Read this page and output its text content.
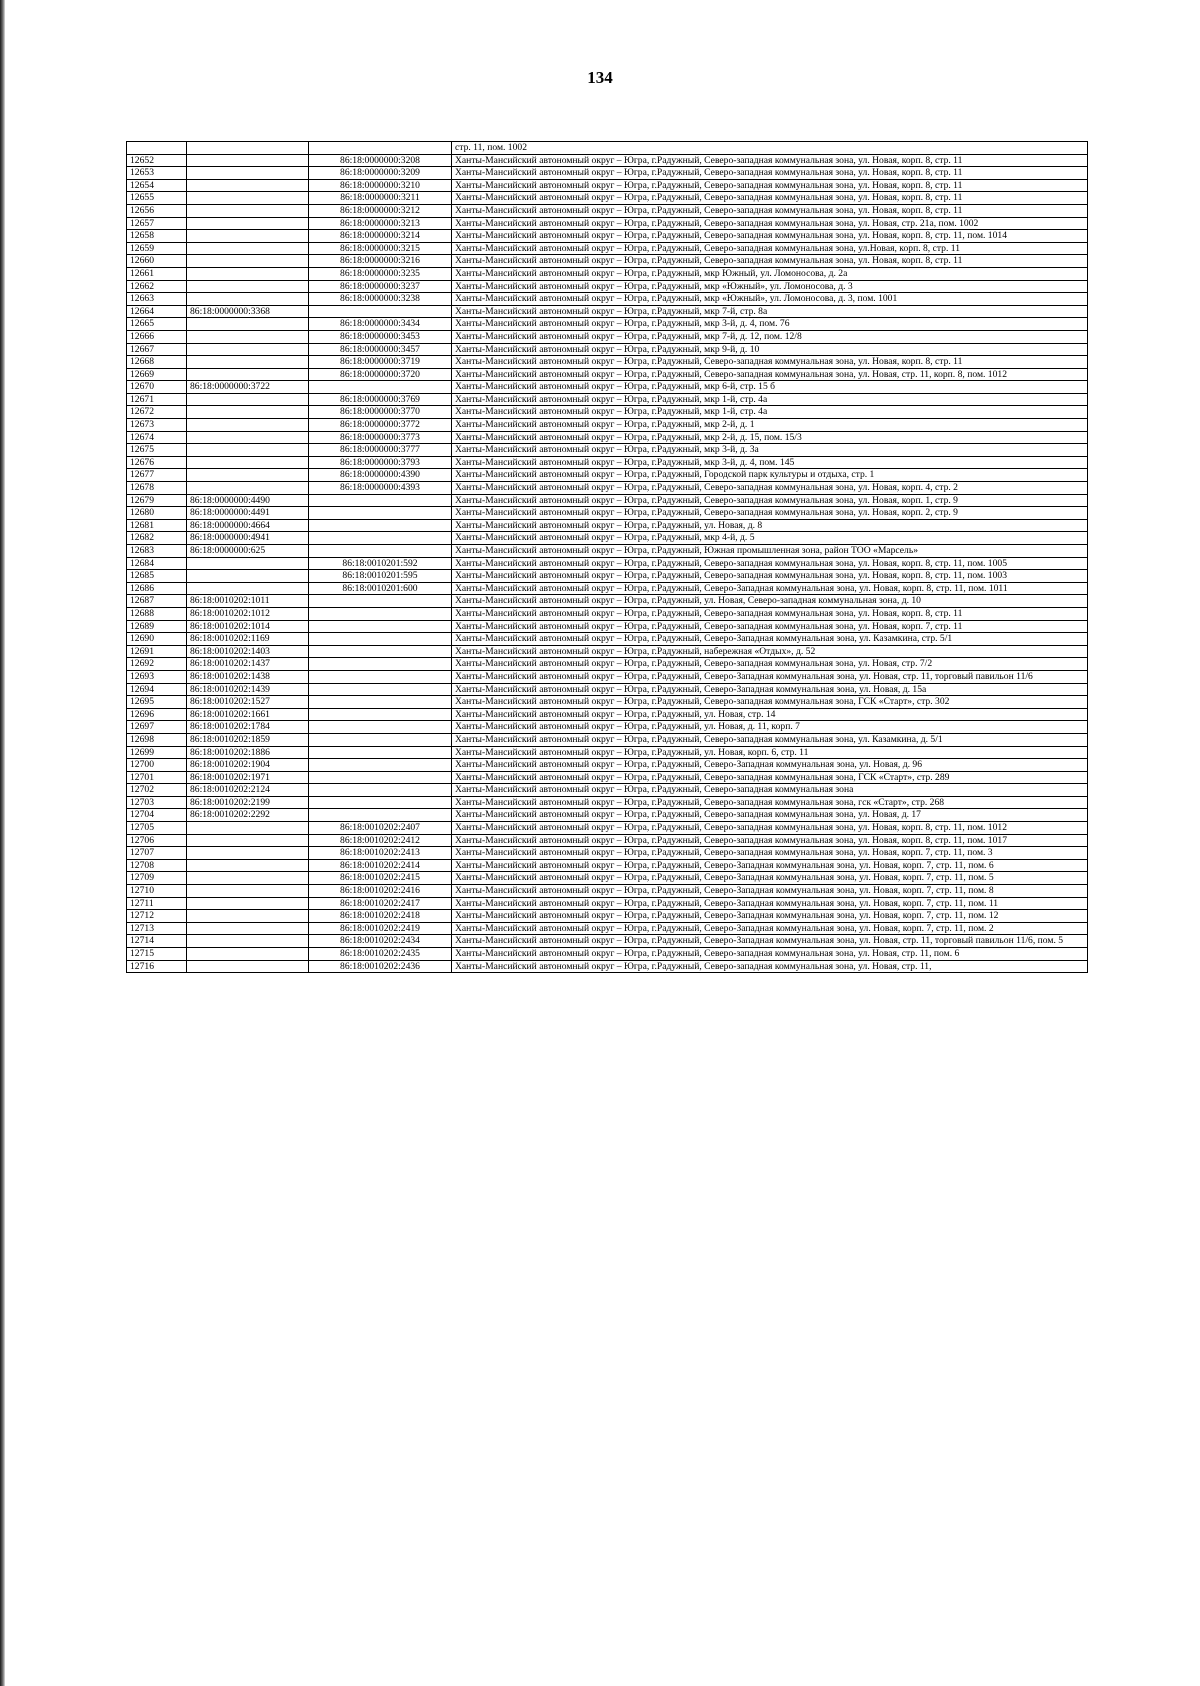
134
			стр. 11, пом. 1002
12652		86:18:0000000:3208	Ханты-Мансийский автономный округ – Югра, г.Радужный, Северо-западная коммунальная зона, ул. Новая, корп. 8, стр. 11
12653		86:18:0000000:3209	Ханты-Мансийский автономный округ – Югра, г.Радужный, Северо-западная коммунальная зона, ул. Новая, корп. 8, стр. 11
12654		86:18:0000000:3210	Ханты-Мансийский автономный округ – Югра, г.Радужный, Северо-западная коммунальная зона, ул. Новая, корп. 8, стр. 11
12655		86:18:0000000:3211	Ханты-Мансийский автономный округ – Югра, г.Радужный, Северо-западная коммунальная зона, ул. Новая, корп. 8, стр. 11
12656		86:18:0000000:3212	Ханты-Мансийский автономный округ – Югра, г.Радужный, Северо-западная коммунальная зона, ул. Новая, корп. 8, стр. 11
12657		86:18:0000000:3213	Ханты-Мансийский автономный округ – Югра, г.Радужный, Северо-западная коммунальная зона, ул. Новая, стр. 21а, пом. 1002
12658		86:18:0000000:3214	Ханты-Мансийский автономный округ – Югра, г.Радужный, Северо-западная коммунальная зона, ул. Новая, корп. 8, стр. 11, пом. 1014
12659		86:18:0000000:3215	Ханты-Мансийский автономный округ – Югра, г.Радужный, Северо-западная коммунальная зона, ул.Новая, корп. 8, стр. 11
12660		86:18:0000000:3216	Ханты-Мансийский автономный округ – Югра, г.Радужный, Северо-западная коммунальная зона, ул. Новая, корп. 8, стр. 11
12661		86:18:0000000:3235	Ханты-Мансийский автономный округ – Югра, г.Радужный, мкр Южный, ул. Ломоносова, д. 2а
12662		86:18:0000000:3237	Ханты-Мансийский автономный округ – Югра, г.Радужный, мкр «Южный», ул. Ломоносова, д. 3
12663		86:18:0000000:3238	Ханты-Мансийский автономный округ – Югра, г.Радужный, мкр «Южный», ул. Ломоносова, д. 3, пом. 1001
12664	86:18:0000000:3368		Ханты-Мансийский автономный округ – Югра, г.Радужный, мкр 7-й, стр. 8а
12665		86:18:0000000:3434	Ханты-Мансийский автономный округ – Югра, г.Радужный, мкр 3-й, д. 4, пом. 76
12666		86:18:0000000:3453	Ханты-Мансийский автономный округ – Югра, г.Радужный, мкр 7-й, д. 12, пом. 12/8
12667		86:18:0000000:3457	Ханты-Мансийский автономный округ – Югра, г.Радужный, мкр 9-й, д. 10
12668		86:18:0000000:3719	Ханты-Мансийский автономный округ – Югра, г.Радужный, Северо-западная коммунальная зона, ул. Новая, корп. 8, стр. 11
12669		86:18:0000000:3720	Ханты-Мансийский автономный округ – Югра, г.Радужный, Северо-западная коммунальная зона, ул. Новая, стр. 11, корп. 8, пом. 1012
12670	86:18:0000000:3722		Ханты-Мансийский автономный округ – Югра, г.Радужный, мкр 6-й, стр. 15 б
12671		86:18:0000000:3769	Ханты-Мансийский автономный округ – Югра, г.Радужный, мкр 1-й, стр. 4а
12672		86:18:0000000:3770	Ханты-Мансийский автономный округ – Югра, г.Радужный, мкр 1-й, стр. 4а
12673		86:18:0000000:3772	Ханты-Мансийский автономный округ – Югра, г.Радужный, мкр 2-й, д. 1
12674		86:18:0000000:3773	Ханты-Мансийский автономный округ – Югра, г.Радужный, мкр 2-й, д. 15, пом. 15/3
12675		86:18:0000000:3777	Ханты-Мансийский автономный округ – Югра, г.Радужный, мкр 3-й, д. 3а
12676		86:18:0000000:3793	Ханты-Мансийский автономный округ – Югра, г.Радужный, мкр 3-й, д. 4, пом. 145
12677		86:18:0000000:4390	Ханты-Мансийский автономный округ – Югра, г.Радужный, Городской парк культуры и отдыха, стр. 1
12678		86:18:0000000:4393	Ханты-Мансийский автономный округ – Югра, г.Радужный, Северо-западная коммунальная зона, ул. Новая, корп. 4, стр. 2
12679	86:18:0000000:4490		Ханты-Мансийский автономный округ – Югра, г.Радужный, Северо-западная коммунальная зона, ул. Новая, корп. 1, стр. 9
12680	86:18:0000000:4491		Ханты-Мансийский автономный округ – Югра, г.Радужный, Северо-западная коммунальная зона, ул. Новая, корп. 2, стр. 9
12681	86:18:0000000:4664		Ханты-Мансийский автономный округ – Югра, г.Радужный, ул. Новая, д. 8
12682	86:18:0000000:4941		Ханты-Мансийский автономный округ – Югра, г.Радужный, мкр 4-й, д. 5
12683	86:18:0000000:625		Ханты-Мансийский автономный округ – Югра, г.Радужный, Южная промышленная зона, район ТОО «Марсель»
12684		86:18:0010201:592	Ханты-Мансийский автономный округ – Югра, г.Радужный, Северо-западная коммунальная зона, ул. Новая, корп. 8, стр. 11, пом. 1005
12685		86:18:0010201:595	Ханты-Мансийский автономный округ – Югра, г.Радужный, Северо-западная коммунальная зона, ул. Новая, корп. 8, стр. 11, пом. 1003
12686		86:18:0010201:600	Ханты-Мансийский автономный округ – Югра, г.Радужный, Северо-Западная коммунальная зона, ул. Новая, корп. 8, стр. 11, пом. 1011
12687	86:18:0010202:1011		Ханты-Мансийский автономный округ – Югра, г.Радужный, ул. Новая, Северо-западная коммунальная зона, д. 10
12688	86:18:0010202:1012		Ханты-Мансийский автономный округ – Югра, г.Радужный, Северо-западная коммунальная зона, ул. Новая, корп. 8, стр. 11
12689	86:18:0010202:1014		Ханты-Мансийский автономный округ – Югра, г.Радужный, Северо-западная коммунальная зона, ул. Новая, корп. 7, стр. 11
12690	86:18:0010202:1169		Ханты-Мансийский автономный округ – Югра, г.Радужный, Северо-Западная коммунальная зона, ул. Казамкина, стр. 5/1
12691	86:18:0010202:1403		Ханты-Мансийский автономный округ – Югра, г.Радужный, набережная «Отдых», д. 52
12692	86:18:0010202:1437		Ханты-Мансийский автономный округ – Югра, г.Радужный, Северо-западная коммунальная зона, ул. Новая, стр. 7/2
12693	86:18:0010202:1438		Ханты-Мансийский автономный округ – Югра, г.Радужный, Северо-Западная коммунальная зона, ул. Новая, стр. 11, торговый павильон 11/6
12694	86:18:0010202:1439		Ханты-Мансийский автономный округ – Югра, г.Радужный, Северо-Западная коммунальная зона, ул. Новая, д. 15а
12695	86:18:0010202:1527		Ханты-Мансийский автономный округ – Югра, г.Радужный, Северо-западная коммунальная зона, ГСК «Старт», стр. 302
12696	86:18:0010202:1661		Ханты-Мансийский автономный округ – Югра, г.Радужный, ул. Новая, стр. 14
12697	86:18:0010202:1784		Ханты-Мансийский автономный округ – Югра, г.Радужный, ул. Новая, д. 11, корп. 7
12698	86:18:0010202:1859		Ханты-Мансийский автономный округ – Югра, г.Радужный, Северо-западная коммунальная зона, ул. Казамкина, д. 5/1
12699	86:18:0010202:1886		Ханты-Мансийский автономный округ – Югра, г.Радужный, ул. Новая, корп. 6, стр. 11
12700	86:18:0010202:1904		Ханты-Мансийский автономный округ – Югра, г.Радужный, Северо-Западная коммунальная зона, ул. Новая, д. 96
12701	86:18:0010202:1971		Ханты-Мансийский автономный округ – Югра, г.Радужный, Северо-западная коммунальная зона, ГСК «Старт», стр. 289
12702	86:18:0010202:2124		Ханты-Мансийский автономный округ – Югра, г.Радужный, Северо-западная коммунальная зона
12703	86:18:0010202:2199		Ханты-Мансийский автономный округ – Югра, г.Радужный, Северо-западная коммунальная зона, гск «Старт», стр. 268
12704	86:18:0010202:2292		Ханты-Мансийский автономный округ – Югра, г.Радужный, Северо-западная коммунальная зона, ул. Новая, д. 17
12705		86:18:0010202:2407	Ханты-Мансийский автономный округ – Югра, г.Радужный, Северо-западная коммунальная зона, ул. Новая, корп. 8, стр. 11, пом. 1012
12706		86:18:0010202:2412	Ханты-Мансийский автономный округ – Югра, г.Радужный, Северо-западная коммунальная зона, ул. Новая, корп. 8, стр. 11, пом. 1017
12707		86:18:0010202:2413	Ханты-Мансийский автономный округ – Югра, г.Радужный, Северо-западная коммунальная зона, ул. Новая, корп. 7, стр. 11, пом. 3
12708		86:18:0010202:2414	Ханты-Мансийский автономный округ – Югра, г.Радужный, Северо-Западная коммунальная зона, ул. Новая, корп. 7, стр. 11, пом. 6
12709		86:18:0010202:2415	Ханты-Мансийский автономный округ – Югра, г.Радужный, Северо-Западная коммунальная зона, ул. Новая, корп. 7, стр. 11, пом. 5
12710		86:18:0010202:2416	Ханты-Мансийский автономный округ – Югра, г.Радужный, Северо-Западная коммунальная зона, ул. Новая, корп. 7, стр. 11, пом. 8
12711		86:18:0010202:2417	Ханты-Мансийский автономный округ – Югра, г.Радужный, Северо-Западная коммунальная зона, ул. Новая, корп. 7, стр. 11, пом. 11
12712		86:18:0010202:2418	Ханты-Мансийский автономный округ – Югра, г.Радужный, Северо-Западная коммунальная зона, ул. Новая, корп. 7, стр. 11, пом. 12
12713		86:18:0010202:2419	Ханты-Мансийский автономный округ – Югра, г.Радужный, Северо-Западная коммунальная зона, ул. Новая, корп. 7, стр. 11, пом. 2
12714		86:18:0010202:2434	Ханты-Мансийский автономный округ – Югра, г.Радужный, Северо-Западная коммунальная зона, ул. Новая, стр. 11, торговый павильон 11/6, пом. 5
12715		86:18:0010202:2435	Ханты-Мансийский автономный округ – Югра, г.Радужный, Северо-западная коммунальная зона, ул. Новая, стр. 11, пом. 6
12716		86:18:0010202:2436	Ханты-Мансийский автономный округ – Югра, г.Радужный, Северо-западная коммунальная зона, ул. Новая, стр. 11,
